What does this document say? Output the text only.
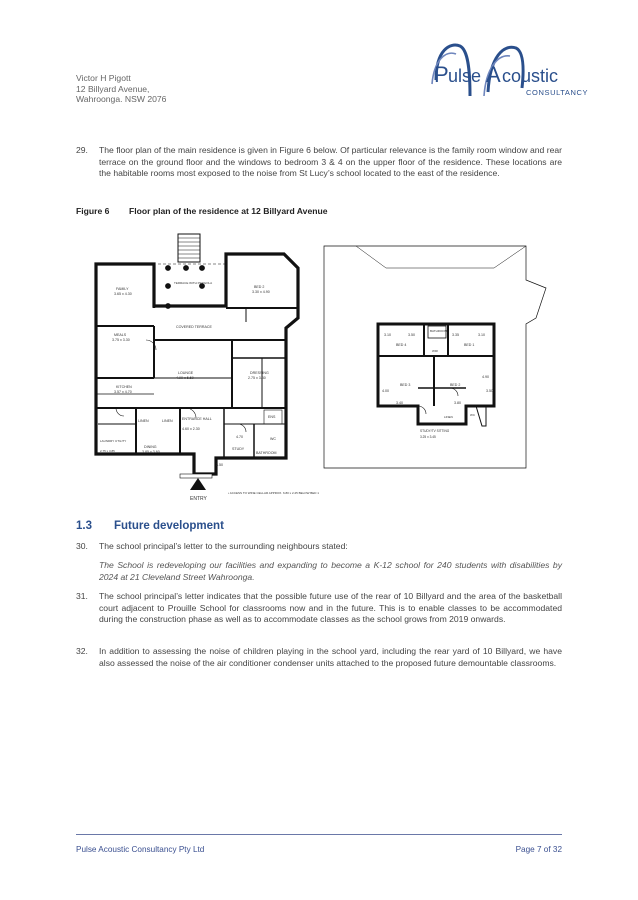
Victor H Pigott
12 Billyard Avenue,
Wahroonga. NSW 2076
P ulse A coustic
CONSULTANCY
29.	The floor plan of the main residence is given in Figure 6 below. Of particular relevance is the family room window and rear terrace on the ground floor and the windows to bedroom 3 & 4 on the upper floor of the residence. These locations are the habitable rooms most exposed to the noise from St Lucy’s school located to the east of the residence.
Figure 6 Floor plan of the residence at 12 Billyard Avenue
FAMILY
3.65 x 4.30
TERRACE WITH PERGOLA
BED 2
3.30 x 4.90
COVERED TERRACE
MEALS
3.75 x 3.30
LOUNGE
4.90 x 5.50
DRESSING
2.75 x 3.40
KITCHEN
3.57 x 4.70
ENTRANCE HALL
4.60 x 2.30
LAUNDRY UTILITY
2.75 x 3.85
DINING
3.85 x 3.60
STUDY
BATHROOM
LINEN	LINEN
ENS
WC
3.50
4.70
ENTRY
• ACCESS TO WINE CELLAR APPROX. 6.80 x 2.25 BELOW BED 1
BATHROOM
BED 4	BED 1
BED 3	BED 2
STUDY/TV SITTING
3.25 x 3.45
LINEN
WIR
WC
3.10	3.50	3.35	3.10
4.00
3.40	3.80
3.50
4.90
1.3 Future development
30.	The school principal’s letter to the surrounding neighbours stated:
The School is redeveloping our facilities and expanding to become a K-12 school for 240 students with disabilities by 2024 at 21 Cleveland Street Wahroonga.
31.	The school principal’s letter indicates that the possible future use of the rear of 10 Billyard and the area of the basketball court adjacent to Prouille School for classrooms now and in the future. This is to enable classes to be accommodated during the construction phase as well as to accommodate classes as the school grows from 2019 onwards.
32.	In addition to assessing the noise of children playing in the school yard, including the rear yard of 10 Billyard, we have also assessed the noise of the air conditioner condenser units attached to the proposed future demountable classrooms.
Pulse Acoustic Consultancy Pty Ltd	Page 7 of 32
